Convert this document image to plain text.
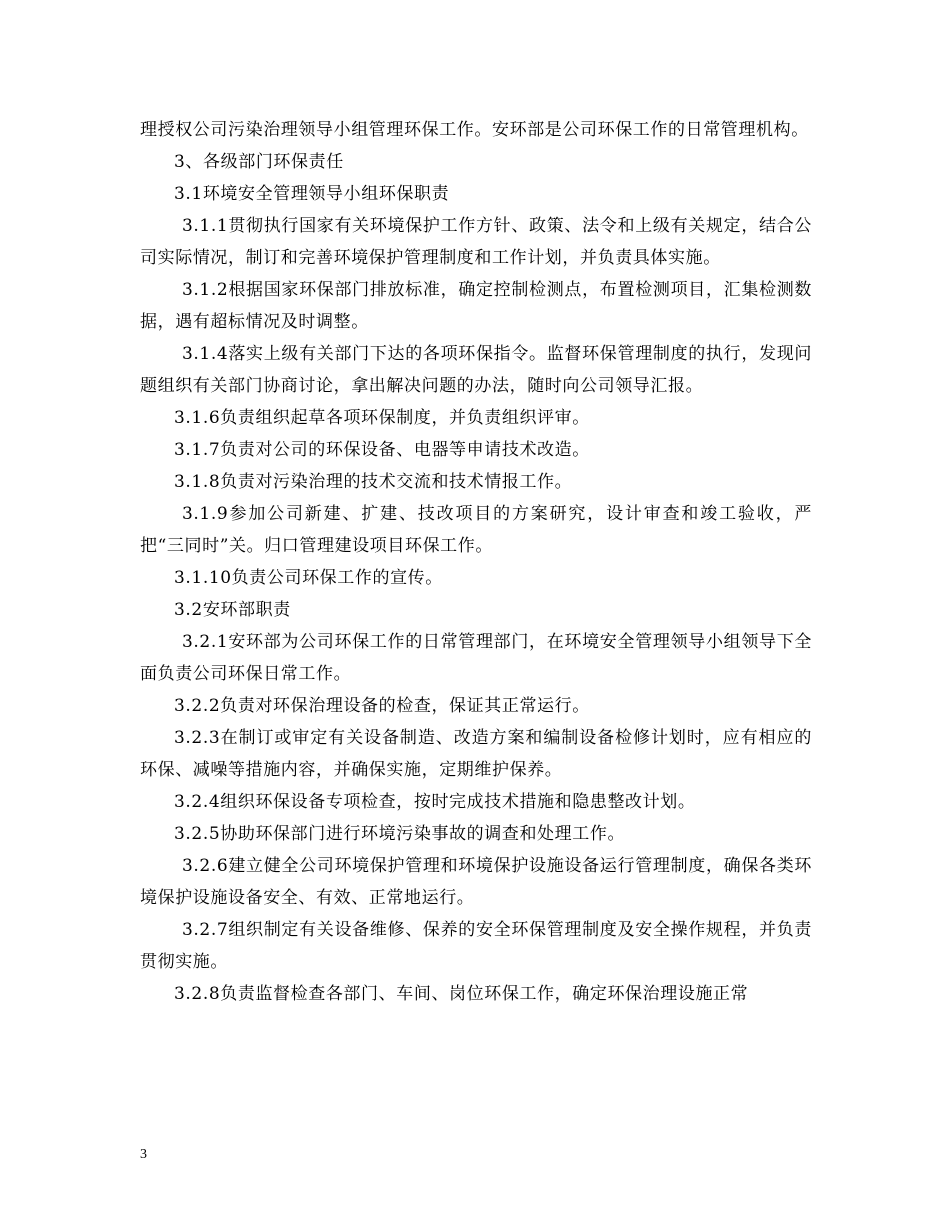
理授权公司污染治理领导小组管理环保工作。安环部是公司环保工作的日常管理机构。

3、各级部门环保责任

3.1环境安全管理领导小组环保职责

3.1.1贯彻执行国家有关环境保护工作方针、政策、法令和上级有关规定，结合公司实际情况，制订和完善环境保护管理制度和工作计划，并负责具体实施。

3.1.2根据国家环保部门排放标准，确定控制检测点，布置检测项目，汇集检测数据，遇有超标情况及时调整。

3.1.4落实上级有关部门下达的各项环保指令。监督环保管理制度的执行，发现问题组织有关部门协商讨论，拿出解决问题的办法，随时向公司领导汇报。

3.1.6负责组织起草各项环保制度，并负责组织评审。

3.1.7负责对公司的环保设备、电器等申请技术改造。

3.1.8负责对污染治理的技术交流和技术情报工作。

3.1.9参加公司新建、扩建、技改项目的方案研究，设计审查和竣工验收，严把“三同时”关。归口管理建设项目环保工作。

3.1.10负责公司环保工作的宣传。

3.2安环部职责

3.2.1安环部为公司环保工作的日常管理部门，在环境安全管理领导小组领导下全面负责公司环保日常工作。

3.2.2负责对环保治理设备的检查，保证其正常运行。

3.2.3在制订或审定有关设备制造、改造方案和编制设备检修计划时，应有相应的环保、减噪等措施内容，并确保实施，定期维护保养。

3.2.4组织环保设备专项检查，按时完成技术措施和隐患整改计划。

3.2.5协助环保部门进行环境污染事故的调查和处理工作。

3.2.6建立健全公司环境保护管理和环境保护设施设备运行管理制度，确保各类环境保护设施设备安全、有效、正常地运行。

3.2.7组织制定有关设备维修、保养的安全环保管理制度及安全操作规程，并负责贯彻实施。

3.2.8负责监督检查各部门、车间、岗位环保工作，确定环保治理设施正常

3
